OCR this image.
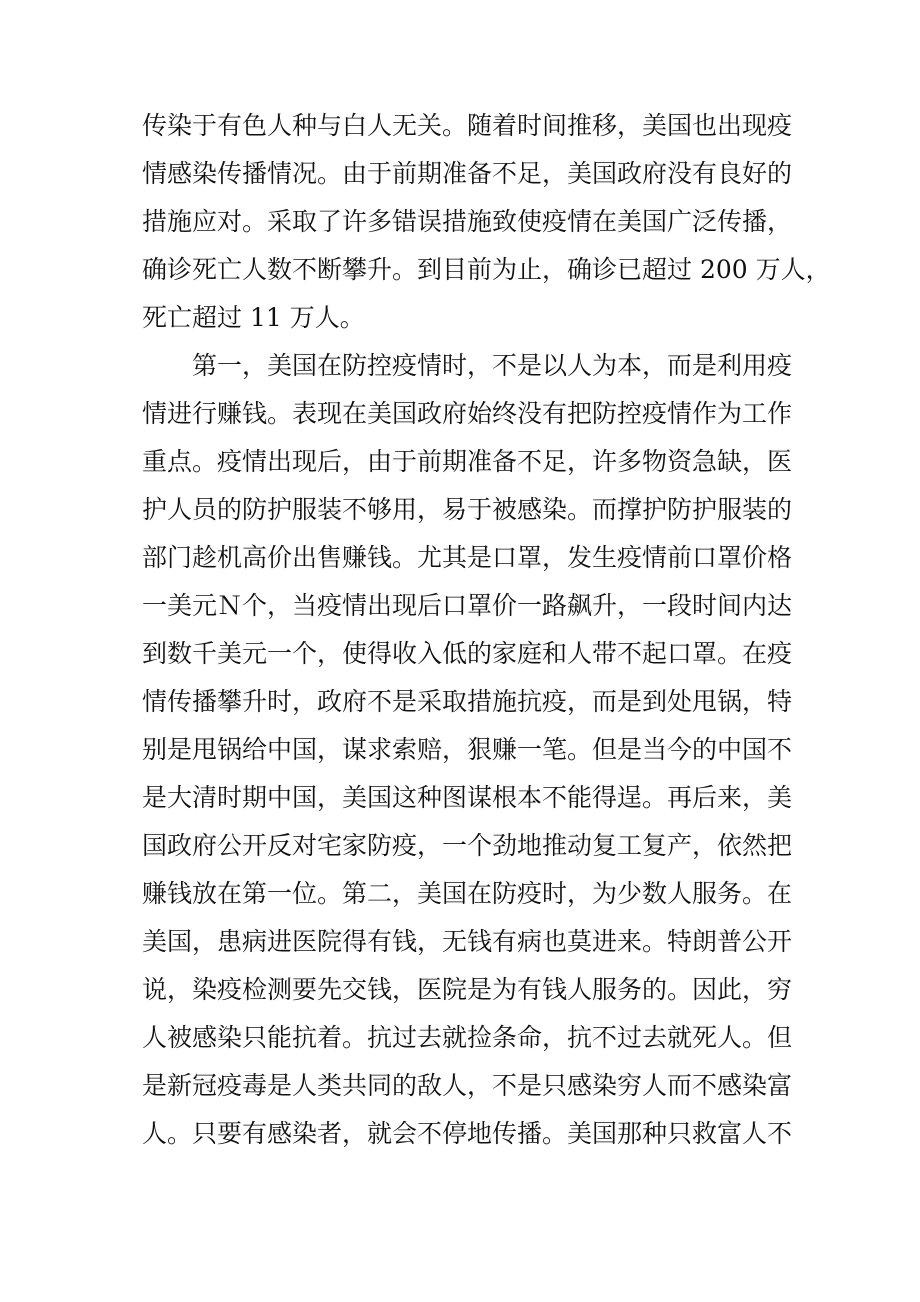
传染于有色人种与白人无关。随着时间推移，美国也出现疫
情感染传播情况。由于前期准备不足，美国政府没有良好的
措施应对。采取了许多错误措施致使疫情在美国广泛传播，
确诊死亡人数不断攀升。到目前为止，确诊已超过 200 万人，
死亡超过 11 万人。
　　第一，美国在防控疫情时，不是以人为本，而是利用疫
情进行赚钱。表现在美国政府始终没有把防控疫情作为工作
重点。疫情出现后，由于前期准备不足，许多物资急缺，医
护人员的防护服装不够用，易于被感染。而撑护防护服装的
部门趁机高价出售赚钱。尤其是口罩，发生疫情前口罩价格
一美元Ｎ个，当疫情出现后口罩价一路飙升，一段时间内达
到数千美元一个，使得收入低的家庭和人带不起口罩。在疫
情传播攀升时，政府不是采取措施抗疫，而是到处甩锅，特
别是甩锅给中国，谋求索赔，狠赚一笔。但是当今的中国不
是大清时期中国，美国这种图谋根本不能得逞。再后来，美
国政府公开反对宅家防疫，一个劲地推动复工复产，依然把
赚钱放在第一位。第二，美国在防疫时，为少数人服务。在
美国，患病进医院得有钱，无钱有病也莫进来。特朗普公开
说，染疫检测要先交钱，医院是为有钱人服务的。因此，穷
人被感染只能抗着。抗过去就捡条命，抗不过去就死人。但
是新冠疫毒是人类共同的敌人，不是只感染穷人而不感染富
人。只要有感染者，就会不停地传播。美国那种只救富人不
